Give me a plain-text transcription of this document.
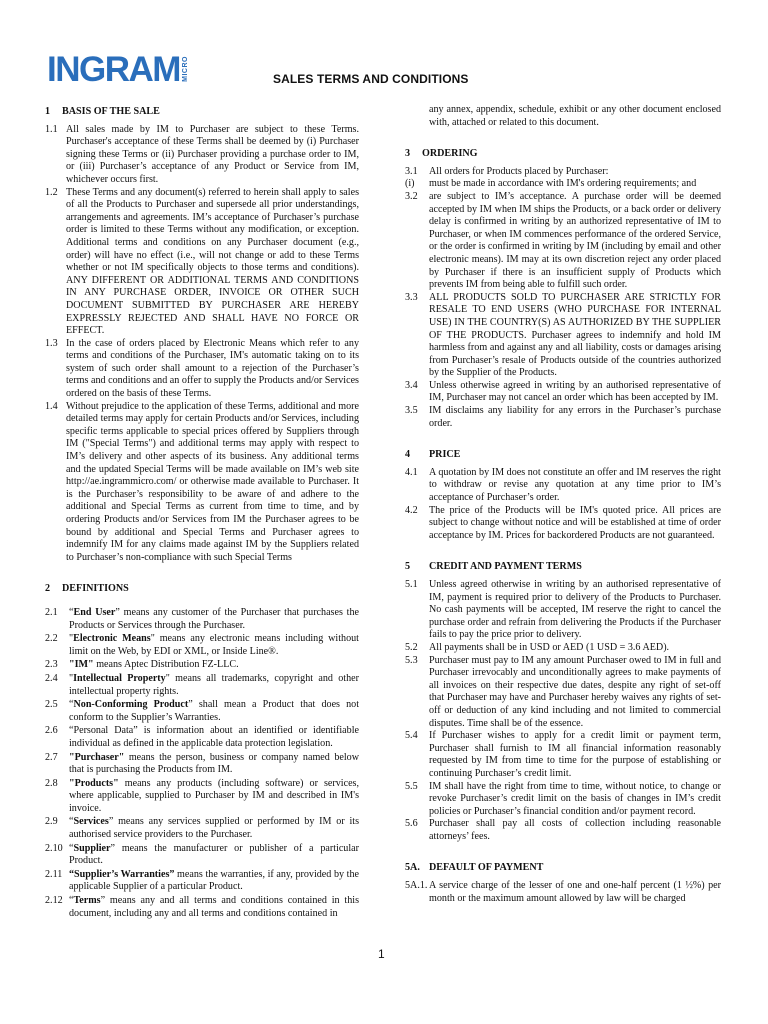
INGRAM MICRO	SALES TERMS AND CONDITIONS
1 BASIS OF THE SALE
1.1 All sales made by IM to Purchaser are subject to these Terms. Purchaser's acceptance of these Terms shall be deemed by (i) Purchaser signing these Terms or (ii) Purchaser providing a purchase order to IM, or (iii) Purchaser’s acceptance of any Product or Service from IM, whichever occurs first.
1.2 These Terms and any document(s) referred to herein shall apply to sales of all the Products to Purchaser and supersede all prior understandings, arrangements and agreements. IM’s acceptance of Purchaser’s purchase order is limited to these Terms without any modification, or exception. Additional terms and conditions on any Purchaser document (e.g., order) will have no effect (i.e., will not change or add to these Terms whether or not IM specifically objects to those terms and conditions). ANY DIFFERENT OR ADDITIONAL TERMS AND CONDITIONS IN ANY PURCHASE ORDER, INVOICE OR OTHER SUCH DOCUMENT SUBMITTED BY PURCHASER ARE HEREBY EXPRESSLY REJECTED AND SHALL HAVE NO FORCE OR EFFECT.
1.3 In the case of orders placed by Electronic Means which refer to any terms and conditions of the Purchaser, IM's automatic taking on to its system of such order shall amount to a rejection of the Purchaser’s terms and conditions and an offer to supply the Products and/or Services ordered on the basis of these Terms.
1.4 Without prejudice to the application of these Terms, additional and more detailed terms may apply for certain Products and/or Services, including specific terms applicable to special prices offered by Suppliers through IM ("Special Terms") and additional terms may apply with respect to IM’s delivery and other aspects of its business. Any additional terms and the updated Special Terms will be made available on IM’s web site http://ae.ingrammicro.com/ or otherwise made available to Purchaser. It is the Purchaser’s responsibility to be aware of and adhere to the additional and Special Terms as current from time to time, and by ordering Products and/or Services from IM the Purchaser agrees to be bound by additional and Special Terms and Purchaser agrees to indemnify IM for any claims made against IM by the Suppliers related to Purchaser’s non-compliance with such Special Terms
2 DEFINITIONS
2.1	“End User” means any customer of the Purchaser that purchases the Products or Services through the Purchaser.
2.2	"Electronic Means" means any electronic means including without limit on the Web, by EDI or XML, or Inside Line®.
2.3	"IM" means Aptec Distribution FZ-LLC.
2.4	"Intellectual Property" means all trademarks, copyright and other intellectual property rights.
2.5	“Non-Conforming Product” shall mean a Product that does not conform to the Supplier’s Warranties.
2.6	“Personal Data” is information about an identified or identifiable individual as defined in the applicable data protection legislation.
2.7	"Purchaser" means the person, business or company named below that is purchasing the Products from IM.
2.8	"Products" means any products (including software) or services, where applicable, supplied to Purchaser by IM and described in IM's invoice.
2.9	“Services” means any services supplied or performed by IM or its authorised service providers to the Purchaser.
2.10 “Supplier” means the manufacturer or publisher of a particular Product.
2.11 “Supplier’s Warranties” means the warranties, if any, provided by the applicable Supplier of a particular Product.
2.12 “Terms” means any and all terms and conditions contained in this document, including any and all terms and conditions contained in
any annex, appendix, schedule, exhibit or any other document enclosed with, attached or related to this document.
3 ORDERING
3.1	All orders for Products placed by Purchaser:
(i)	must be made in accordance with IM's ordering requirements; and
3.2	are subject to IM’s acceptance. A purchase order will be deemed accepted by IM when IM ships the Products, or a back order or delivery delay is confirmed in writing by an authorized representative of IM to Purchaser, or when IM commences performance of the ordered Service, or the order is confirmed in writing by IM (including by email and other electronic means). IM may at its own discretion reject any order placed by Purchaser if there is an insufficient supply of Products which prevents IM from being able to fulfill such order.
3.3	ALL PRODUCTS SOLD TO PURCHASER ARE STRICTLY FOR RESALE TO END USERS (WHO PURCHASE FOR INTERNAL USE) IN THE COUNTRY(S) AS AUTHORIZED BY THE SUPPLIER OF THE PRODUCTS. Purchaser agrees to indemnify and hold IM harmless from and against any and all liability, costs or damages arising from Purchaser’s resale of Products outside of the countries authorized by the Supplier of the Products.
3.4	Unless otherwise agreed in writing by an authorised representative of IM, Purchaser may not cancel an order which has been accepted by IM.
3.5	IM disclaims any liability for any errors in the Purchaser’s purchase order.
4 PRICE
4.1	A quotation by IM does not constitute an offer and IM reserves the right to withdraw or revise any quotation at any time prior to IM’s acceptance of Purchaser’s order.
4.2	The price of the Products will be IM's quoted price. All prices are subject to change without notice and will be established at time of order acceptance by IM. Prices for backordered Products are not guaranteed.
5 CREDIT AND PAYMENT TERMS
5.1	Unless agreed otherwise in writing by an authorised representative of IM, payment is required prior to delivery of the Products to Purchaser. No cash payments will be accepted, IM reserve the right to cancel the purchase order and refrain from delivering the Products if the Purchaser fails to pay the price prior to delivery.
5.2	All payments shall be in USD or AED (1 USD = 3.6 AED).
5.3	Purchaser must pay to IM any amount Purchaser owed to IM in full and Purchaser irrevocably and unconditionally agrees to make payments of all invoices on their respective due dates, despite any right of set-off that Purchaser may have and Purchaser hereby waives any rights of set-off or deduction of any kind including and not limited to commercial disputes. Time shall be of the essence.
5.4	If Purchaser wishes to apply for a credit limit or payment term, Purchaser shall furnish to IM all financial information reasonably requested by IM from time to time for the purpose of establishing or continuing Purchaser’s credit limit.
5.5	IM shall have the right from time to time, without notice, to change or revoke Purchaser’s credit limit on the basis of changes in IM’s credit policies or Purchaser’s financial condition and/or payment record.
5.6	Purchaser shall pay all costs of collection including reasonable attorneys’ fees.
5A. DEFAULT OF PAYMENT
5A.1. A service charge of the lesser of one and one-half percent (1 ½%) per month or the maximum amount allowed by law will be charged
1
